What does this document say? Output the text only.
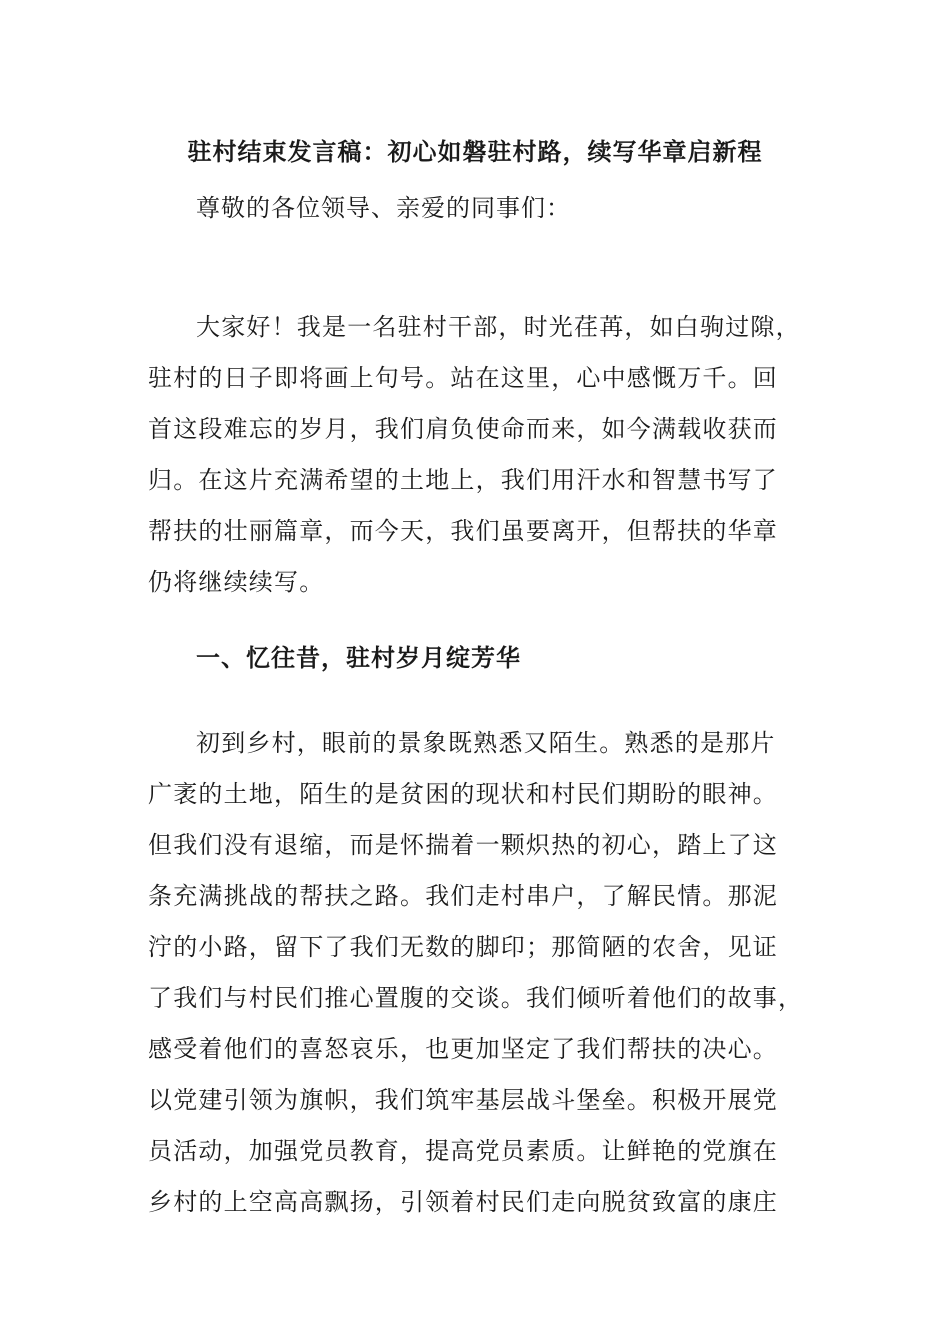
驻村结束发言稿：初心如磐驻村路，续写华章启新程
尊敬的各位领导、亲爱的同事们：
大家好！我是一名驻村干部，时光荏苒，如白驹过隙，
驻村的日子即将画上句号。站在这里，心中感慨万千。回
首这段难忘的岁月，我们肩负使命而来，如今满载收获而
归。在这片充满希望的土地上，我们用汗水和智慧书写了
帮扶的壮丽篇章，而今天，我们虽要离开，但帮扶的华章
仍将继续续写。
一、忆往昔，驻村岁月绽芳华
初到乡村，眼前的景象既熟悉又陌生。熟悉的是那片
广袤的土地，陌生的是贫困的现状和村民们期盼的眼神。
但我们没有退缩，而是怀揣着一颗炽热的初心，踏上了这
条充满挑战的帮扶之路。我们走村串户，了解民情。那泥
泞的小路，留下了我们无数的脚印；那简陋的农舍，见证
了我们与村民们推心置腹的交谈。我们倾听着他们的故事，
感受着他们的喜怒哀乐，也更加坚定了我们帮扶的决心。
以党建引领为旗帜，我们筑牢基层战斗堡垒。积极开展党
员活动，加强党员教育，提高党员素质。让鲜艳的党旗在
乡村的上空高高飘扬，引领着村民们走向脱贫致富的康庄
